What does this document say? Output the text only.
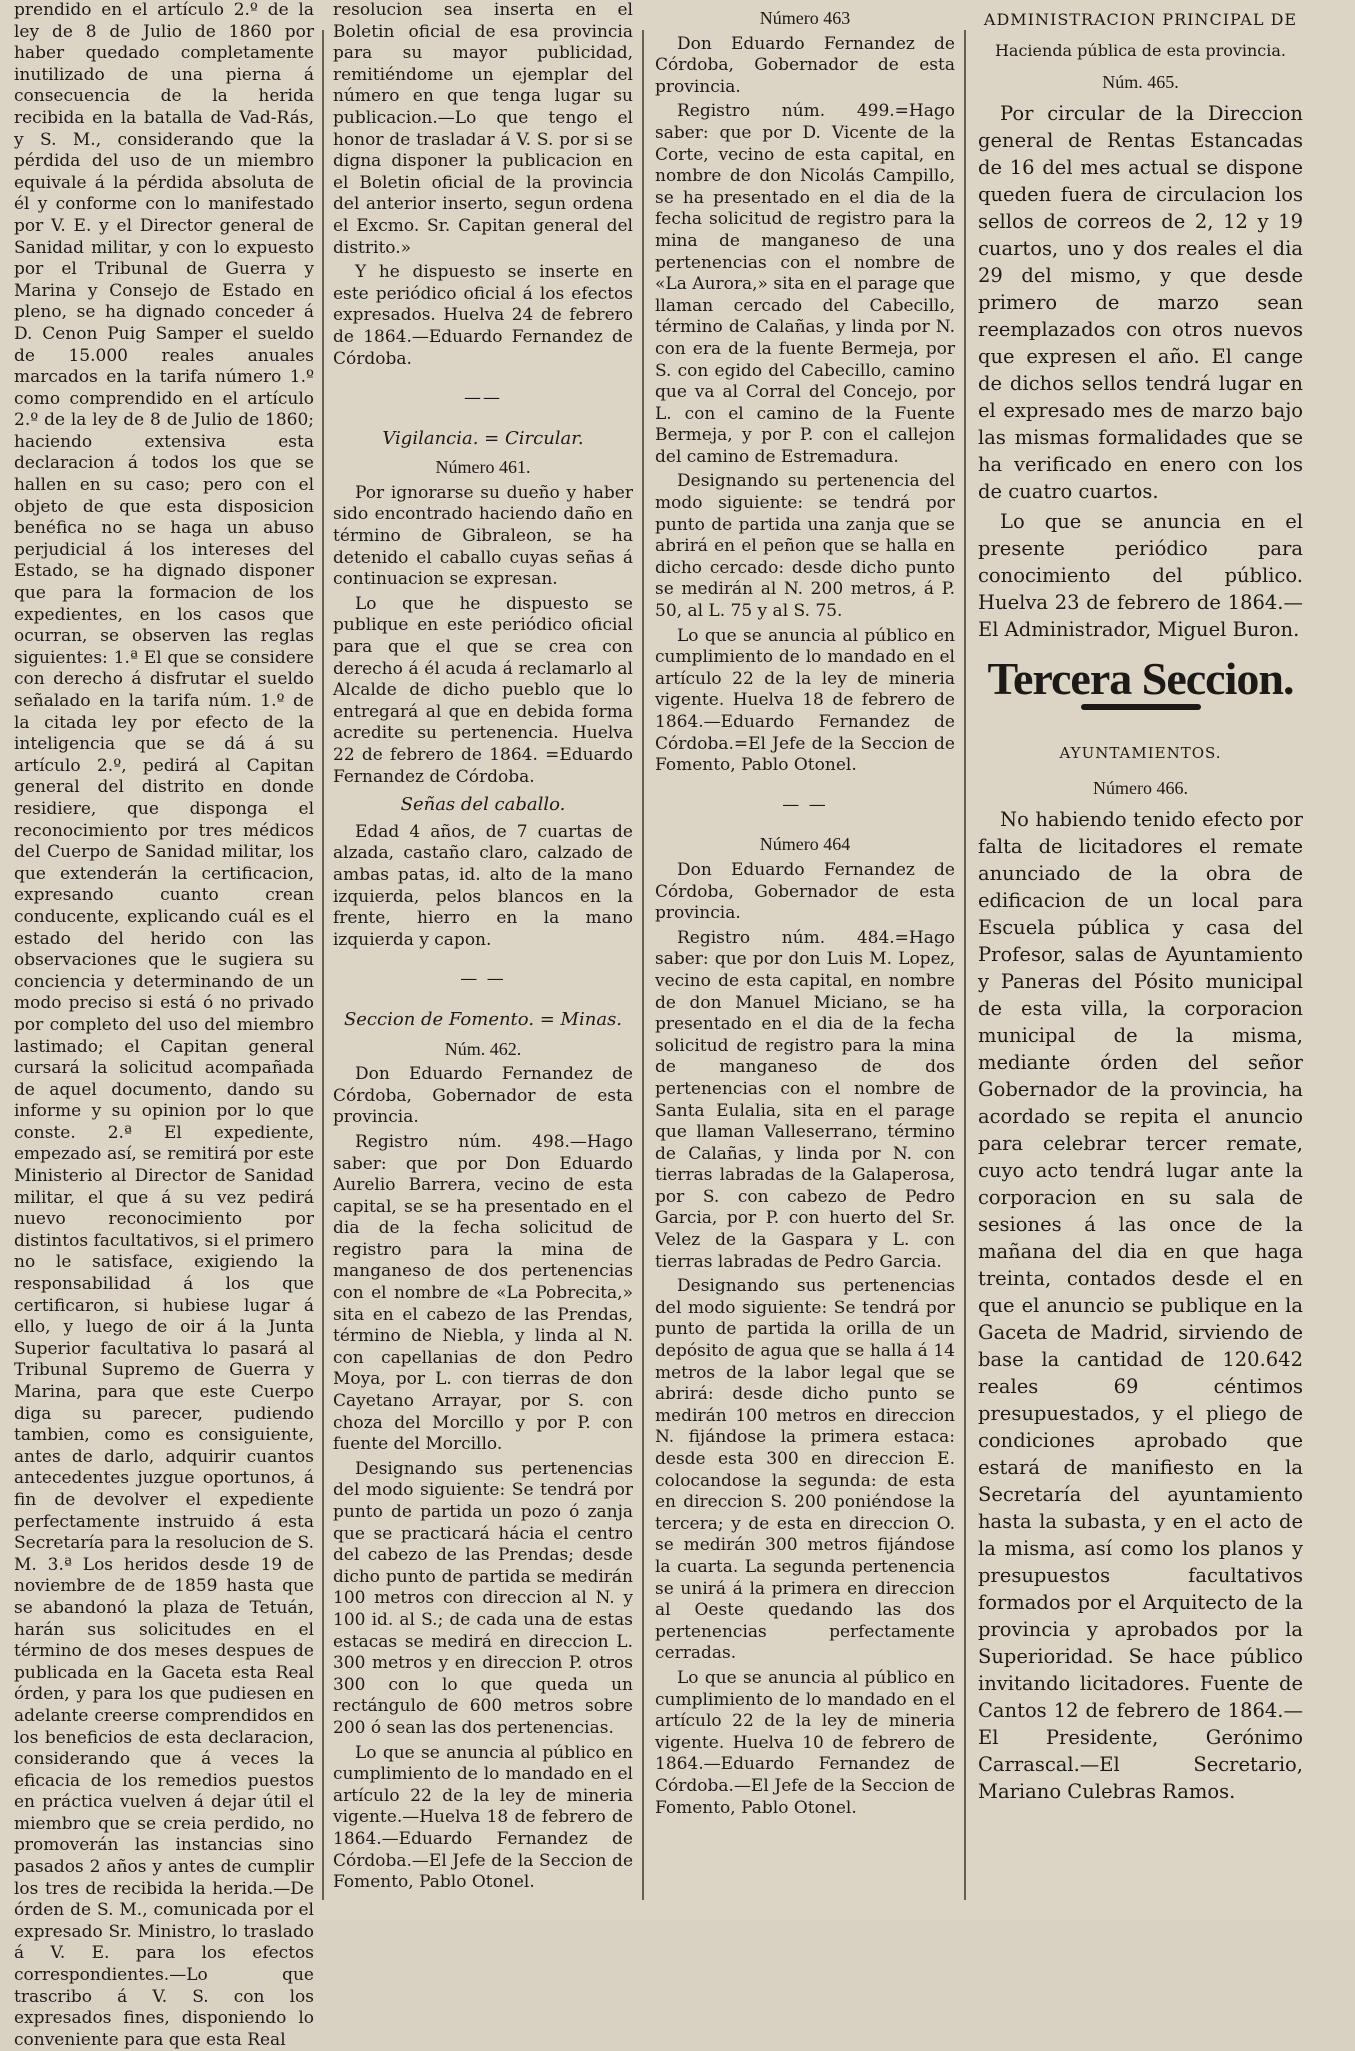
prendido en el artículo 2.º de la ley de 8 de Julio de 1860 por haber quedado completamente inutilizado de una pierna á consecuencia de la herida recibida en la batalla de Vad-Rás, y S. M., considerando que la pérdida del uso de un miembro equivale á la pérdida absoluta de él y conforme con lo manifestado por V. E. y el Director general de Sanidad militar, y con lo expuesto por el Tribunal de Guerra y Marina y Consejo de Estado en pleno, se ha dignado conceder á D. Cenon Puig Samper el sueldo de 15.000 reales anuales marcados en la tarifa número 1.º como comprendido en el artículo 2.º de la ley de 8 de Julio de 1860; haciendo extensiva esta declaracion á todos los que se hallen en su caso; pero con el objeto de que esta disposicion benéfica no se haga un abuso perjudicial á los intereses del Estado, se ha dignado disponer que para la formacion de los expedientes, en los casos que ocurran, se observen las reglas siguientes: 1.ª El que se considere con derecho á disfrutar el sueldo señalado en la tarifa núm. 1.º de la citada ley por efecto de la inteligencia que se dá á su artículo 2.º, pedirá al Capitan general del distrito en donde residiere, que disponga el reconocimiento por tres médicos del Cuerpo de Sanidad militar, los que extenderán la certificacion, expresando cuanto crean conducente, explicando cuál es el estado del herido con las observaciones que le sugiera su conciencia y determinando de un modo preciso si está ó no privado por completo del uso del miembro lastimado; el Capitan general cursará la solicitud acompañada de aquel documento, dando su informe y su opinion por lo que conste. 2.ª El expediente, empezado así, se remitirá por este Ministerio al Director de Sanidad militar, el que á su vez pedirá nuevo reconocimiento por distintos facultativos, si el primero no le satisface, exigiendo la responsabilidad á los que certificaron, si hubiese lugar á ello, y luego de oir á la Junta Superior facultativa lo pasará al Tribunal Supremo de Guerra y Marina, para que este Cuerpo diga su parecer, pudiendo tambien, como es consiguiente, antes de darlo, adquirir cuantos antecedentes juzgue oportunos, á fin de devolver el expediente perfectamente instruido á esta Secretaría para la resolucion de S. M. 3.ª Los heridos desde 19 de noviembre de de 1859 hasta que se abandonó la plaza de Tetuán, harán sus solicitudes en el término de dos meses despues de publicada en la Gaceta esta Real órden, y para los que pudiesen en adelante creerse comprendidos en los beneficios de esta declaracion, considerando que á veces la eficacia de los remedios puestos en práctica vuelven á dejar útil el miembro que se creia perdido, no promoverán las instancias sino pasados 2 años y antes de cumplir los tres de recibida la herida.—De órden de S. M., comunicada por el expresado Sr. Ministro, lo traslado á V. E. para los efectos correspondientes.—Lo que trascribo á V. S. con los expresados fines, disponiendo lo conveniente para que esta Real

resolucion sea inserta en el Boletin oficial de esa provincia para su mayor publicidad, remitiéndome un ejemplar del número en que tenga lugar su publicacion.—Lo que tengo el honor de trasladar á V. S. por si se digna disponer la publicacion en el Boletin oficial de la provincia del anterior inserto, segun ordena el Excmo. Sr. Capitan general del distrito.»

Y he dispuesto se inserte en este periódico oficial á los efectos expresados. Huelva 24 de febrero de 1864.—Eduardo Fernandez de Córdoba.

——
Vigilancia. = Circular.
Número 461.

Por ignorarse su dueño y haber sido encontrado haciendo daño en término de Gibraleon, se ha detenido el caballo cuyas señas á continuacion se expresan.

Lo que he dispuesto se publique en este periódico oficial para que el que se crea con derecho á él acuda á reclamarlo al Alcalde de dicho pueblo que lo entregará al que en debida forma acredite su pertenencia. Huelva 22 de febrero de 1864. =Eduardo Fernandez de Córdoba.

Señas del caballo.

Edad 4 años, de 7 cuartas de alzada, castaño claro, calzado de ambas patas, id. alto de la mano izquierda, pelos blancos en la frente, hierro en la mano izquierda y capon.

— —
Seccion de Fomento. = Minas.
Núm. 462.

Don Eduardo Fernandez de Córdoba, Gobernador de esta provincia.

Registro núm. 498.—Hago saber: que por Don Eduardo Aurelio Barrera, vecino de esta capital, se se ha presentado en el dia de la fecha solicitud de registro para la mina de manganeso de dos pertenencias con el nombre de «La Pobrecita,» sita en el cabezo de las Prendas, término de Niebla, y linda al N. con capellanias de don Pedro Moya, por L. con tierras de don Cayetano Arrayar, por S. con choza del Morcillo y por P. con fuente del Morcillo.

Designando sus pertenencias del modo siguiente: Se tendrá por punto de partida un pozo ó zanja que se practicará hácia el centro del cabezo de las Prendas; desde dicho punto de partida se medirán 100 metros con direccion al N. y 100 id. al S.; de cada una de estas estacas se medirá en direccion L. 300 metros y en direccion P. otros 300 con lo que queda un rectángulo de 600 metros sobre 200 ó sean las dos pertenencias.

Lo que se anuncia al público en cumplimiento de lo mandado en el artículo 22 de la ley de mineria vigente.—Huelva 18 de febrero de 1864.—Eduardo Fernandez de Córdoba.—El Jefe de la Seccion de Fomento, Pablo Otonel.

Número 463

Don Eduardo Fernandez de Córdoba, Gobernador de esta provincia.

Registro núm. 499.=Hago saber: que por D. Vicente de la Corte, vecino de esta capital, en nombre de don Nicolás Campillo, se ha presentado en el dia de la fecha solicitud de registro para la mina de manganeso de una pertenencias con el nombre de «La Aurora,» sita en el parage que llaman cercado del Cabecillo, término de Calañas, y linda por N. con era de la fuente Bermeja, por S. con egido del Cabecillo, camino que va al Corral del Concejo, por L. con el camino de la Fuente Bermeja, y por P. con el callejon del camino de Estremadura.

Designando su pertenencia del modo siguiente: se tendrá por punto de partida una zanja que se abrirá en el peñon que se halla en dicho cercado: desde dicho punto se medirán al N. 200 metros, á P. 50, al L. 75 y al S. 75.

Lo que se anuncia al público en cumplimiento de lo mandado en el artículo 22 de la ley de mineria vigente. Huelva 18 de febrero de 1864.—Eduardo Fernandez de Córdoba.=El Jefe de la Seccion de Fomento, Pablo Otonel.

— —
Número 464

Don Eduardo Fernandez de Córdoba, Gobernador de esta provincia.

Registro núm. 484.=Hago saber: que por don Luis M. Lopez, vecino de esta capital, en nombre de don Manuel Miciano, se ha presentado en el dia de la fecha solicitud de registro para la mina de manganeso de dos pertenencias con el nombre de Santa Eulalia, sita en el parage que llaman Valleserrano, término de Calañas, y linda por N. con tierras labradas de la Galaperosa, por S. con cabezo de Pedro Garcia, por P. con huerto del Sr. Velez de la Gaspara y L. con tierras labradas de Pedro Garcia.

Designando sus pertenencias del modo siguiente: Se tendrá por punto de partida la orilla de un depósito de agua que se halla á 14 metros de la labor legal que se abrirá: desde dicho punto se medirán 100 metros en direccion N. fijándose la primera estaca: desde esta 300 en direccion E. colocandose la segunda: de esta en direccion S. 200 poniéndose la tercera; y de esta en direccion O. se medirán 300 metros fijándose la cuarta. La segunda pertenencia se unirá á la primera en direccion al Oeste quedando las dos pertenencias perfectamente cerradas.

Lo que se anuncia al público en cumplimiento de lo mandado en el artículo 22 de la ley de mineria vigente. Huelva 10 de febrero de 1864.—Eduardo Fernandez de Córdoba.—El Jefe de la Seccion de Fomento, Pablo Otonel.

ADMINISTRACION PRINCIPAL DE
Hacienda pública de esta provincia.
Núm. 465.

Por circular de la Direccion general de Rentas Estancadas de 16 del mes actual se dispone queden fuera de circulacion los sellos de correos de 2, 12 y 19 cuartos, uno y dos reales el dia 29 del mismo, y que desde primero de marzo sean reemplazados con otros nuevos que expresen el año. El cange de dichos sellos tendrá lugar en el expresado mes de marzo bajo las mismas formalidades que se ha verificado en enero con los de cuatro cuartos.

Lo que se anuncia en el presente periódico para conocimiento del público. Huelva 23 de febrero de 1864.—El Administrador, Miguel Buron.

Tercera Seccion.
AYUNTAMIENTOS.
Número 466.

No habiendo tenido efecto por falta de licitadores el remate anunciado de la obra de edificacion de un local para Escuela pública y casa del Profesor, salas de Ayuntamiento y Paneras del Pósito municipal de esta villa, la corporacion municipal de la misma, mediante órden del señor Gobernador de la provincia, ha acordado se repita el anuncio para celebrar tercer remate, cuyo acto tendrá lugar ante la corporacion en su sala de sesiones á las once de la mañana del dia en que haga treinta, contados desde el en que el anuncio se publique en la Gaceta de Madrid, sirviendo de base la cantidad de 120.642 reales 69 céntimos presupuestados, y el pliego de condiciones aprobado que estará de manifiesto en la Secretaría del ayuntamiento hasta la subasta, y en el acto de la misma, así como los planos y presupuestos facultativos formados por el Arquitecto de la provincia y aprobados por la Superioridad. Se hace público invitando licitadores. Fuente de Cantos 12 de febrero de 1864.—El Presidente, Gerónimo Carrascal.—El Secretario, Mariano Culebras Ramos.
